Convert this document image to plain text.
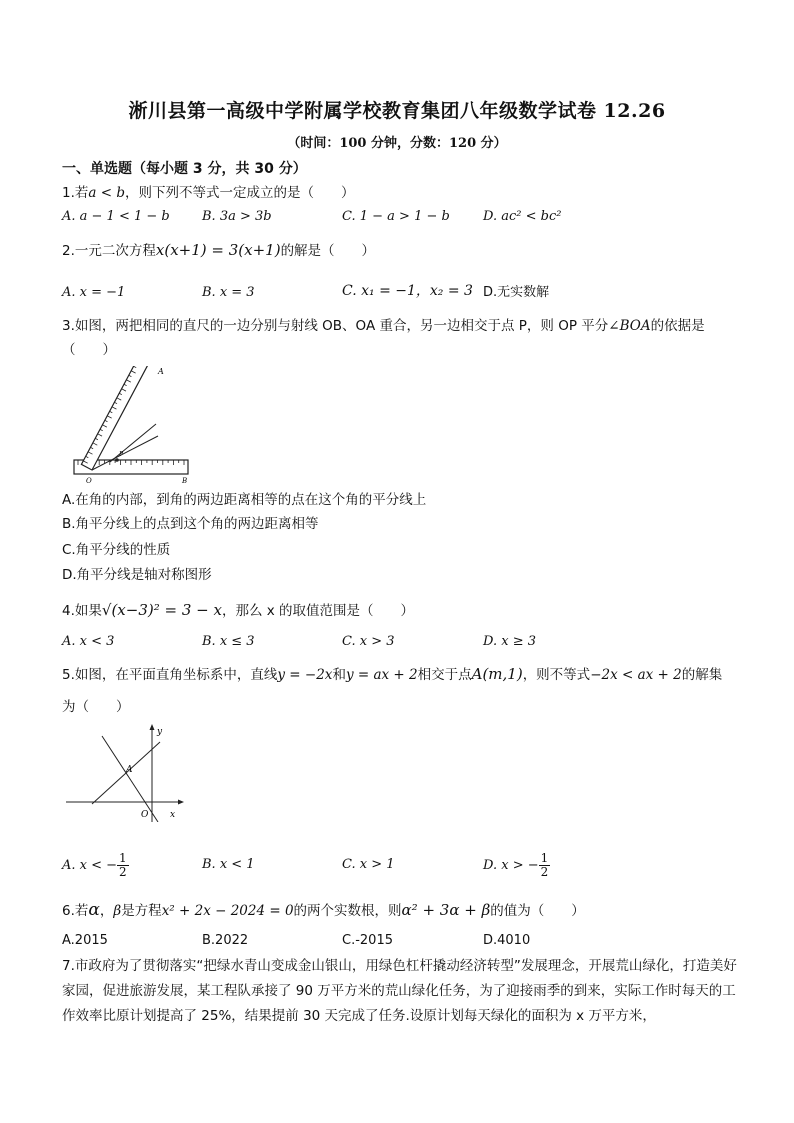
淅川县第一高级中学附属学校教育集团八年级数学试卷 12.26
（时间：100 分钟，分数：120 分）
一、单选题（每小题 3 分，共 30 分）
1.若a < b，则下列不等式一定成立的是（　　）
A. a − 1 < 1 − b B. 3a > 3b	C. 1 − a > 1 − b	D. ac² < bc²
2.一元二次方程x(x+1) = 3(x+1)的解是（　　）
A. x = −1	B. x = 3	C. x₁ = −1，x₂ = 3 D.无实数解
3.如图，两把相同的直尺的一边分别与射线 OB、OA 重合，另一边相交于点 P，则 OP 平分∠BOA的依据是
（　　）
A
O	B
P
A.在角的内部，到角的两边距离相等的点在这个角的平分线上
B.角平分线上的点到这个角的两边距离相等
C.角平分线的性质
D.角平分线是轴对称图形
4.如果√(x−3)² = 3 − x，那么 x 的取值范围是（　　）
A. x < 3	B. x ≤ 3	C. x > 3	D. x ≥ 3
5.如图，在平面直角坐标系中，直线y = −2x和y = ax + 2相交于点A(m,1)，则不等式−2x < ax + 2的解集
为（　　）
y
x
O
A
A. x < − $\frac{1}{2}$	B. x < 1	C. x > 1	D. x > − $\frac{1}{2}$
6.若α，β是方程x² + 2x − 2024 = 0的两个实数根，则α² + 3α + β的值为（　　）
A.2015	B.2022	C.-2015	D.4010
7.市政府为了贯彻落实“把绿水青山变成金山银山，用绿色杠杆撬动经济转型”发展理念，开展荒山绿化，打造美好家园，促进旅游发展，某工程队承接了 90 万平方米的荒山绿化任务，为了迎接雨季的到来，实际工作时每天的工作效率比原计划提高了 25%，结果提前 30 天完成了任务.设原计划每天绿化的面积为 x 万平方米，
